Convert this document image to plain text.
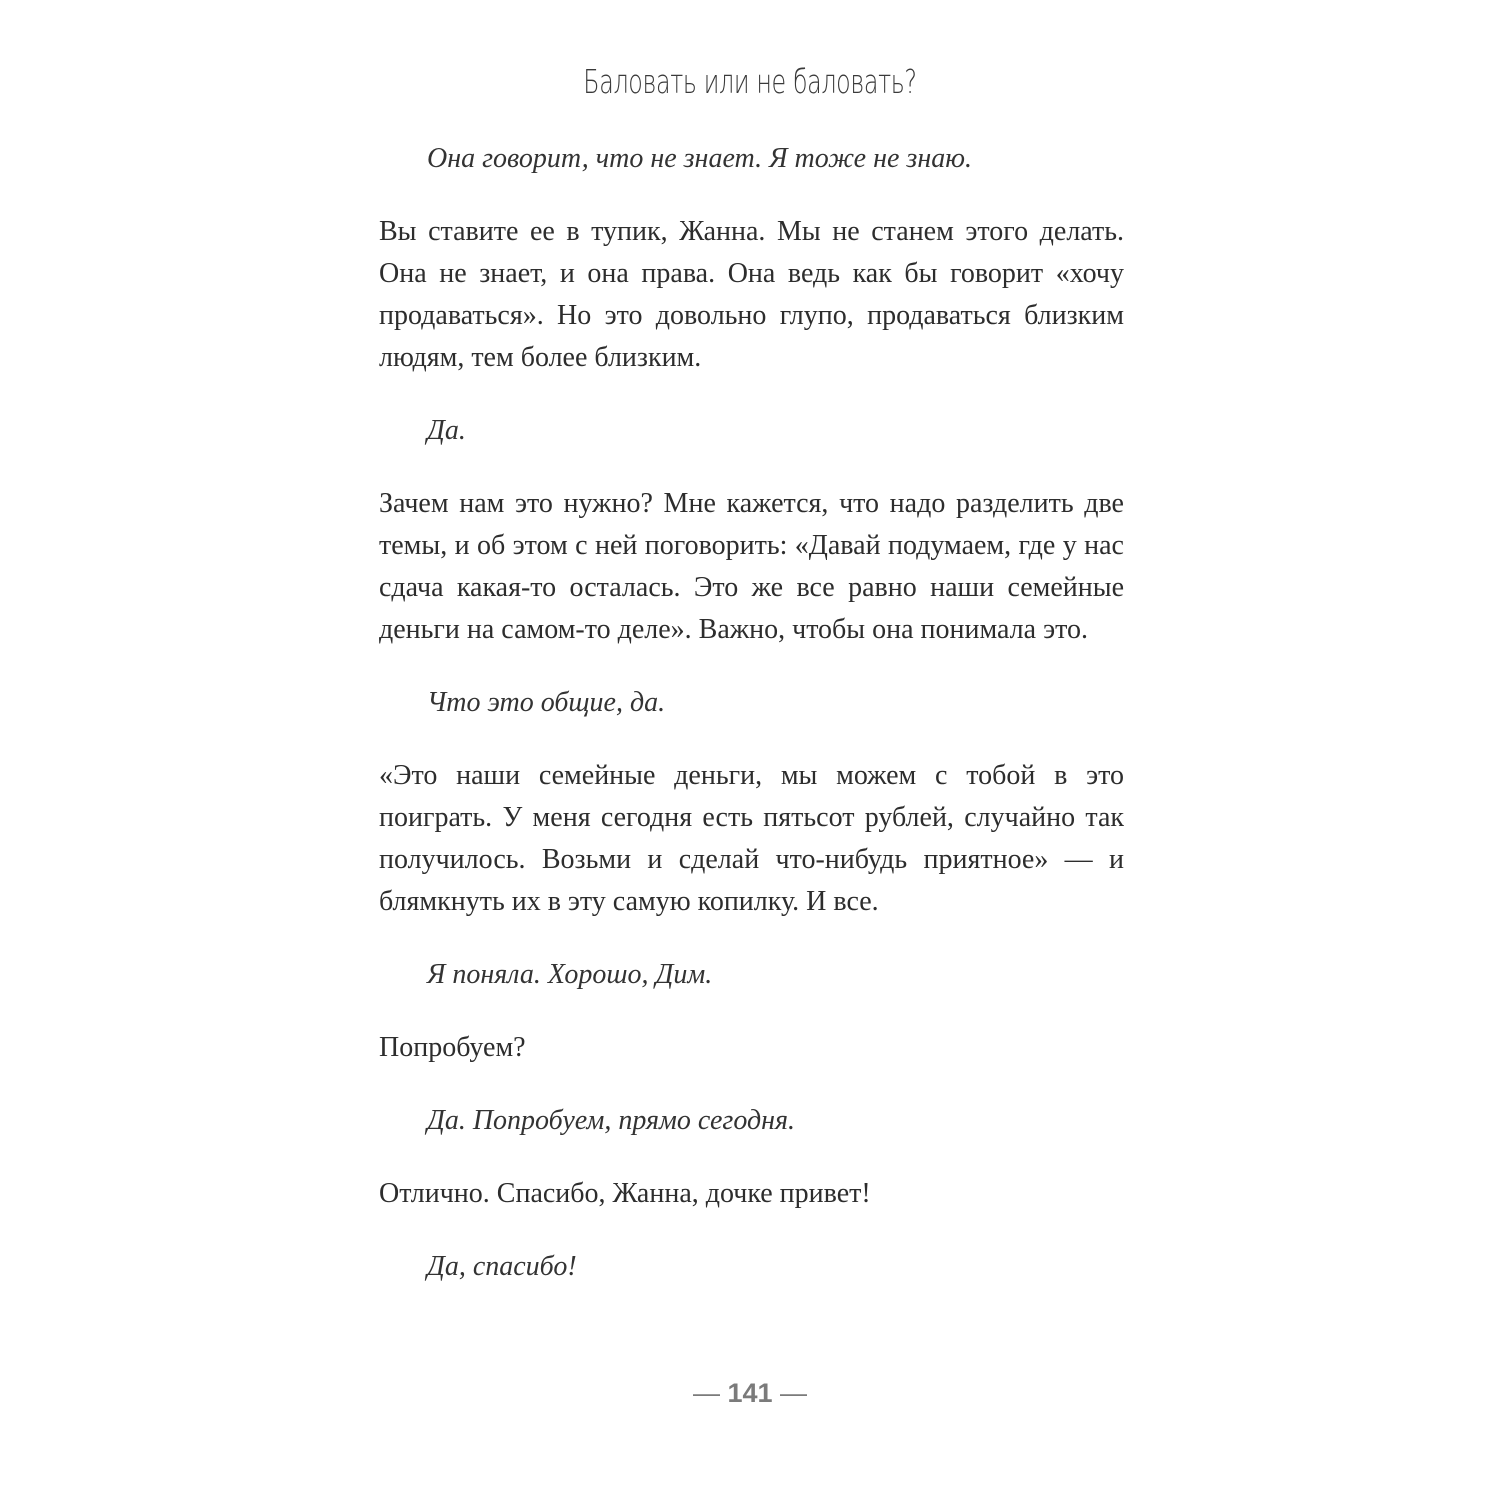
Баловать или не баловать?

Она говорит, что не знает. Я тоже не знаю.

Вы ставите ее в тупик, Жанна. Мы не станем этого делать. Она не знает, и она права. Она ведь как бы говорит «хочу продаваться». Но это довольно глупо, продаваться близким людям, тем более близким.

Да.

Зачем нам это нужно? Мне кажется, что надо разделить две темы, и об этом с ней поговорить: «Давай подумаем, где у нас сдача какая-то осталась. Это же все равно наши семейные деньги на самом-то деле». Важно, чтобы она понимала это.

Что это общие, да.

«Это наши семейные деньги, мы можем с тобой в это поиграть. У меня сегодня есть пятьсот рублей, случайно так получилось. Возьми и сделай что-нибудь приятное» — и блямкнуть их в эту самую копилку. И все.

Я поняла. Хорошо, Дим.

Попробуем?

Да. Попробуем, прямо сегодня.

Отлично. Спасибо, Жанна, дочке привет!

Да, спасибо!

— 141 —
